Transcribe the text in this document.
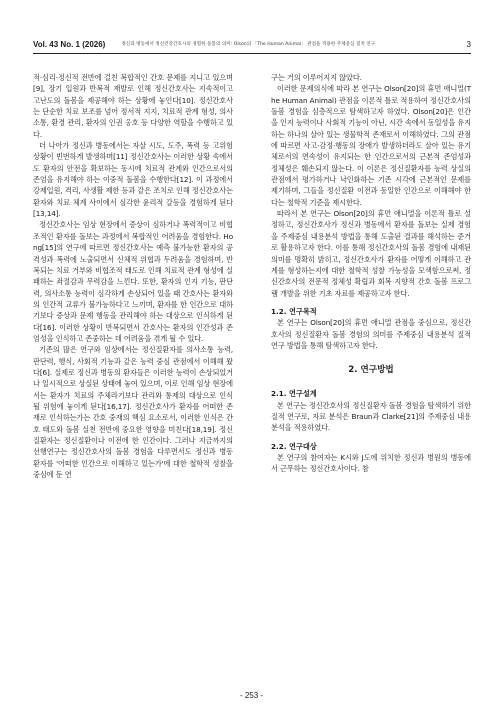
Vol. 43 No. 1 (2026)	정신과 병동에서 정신건강간호사의 경험한 돌봄의 의미: Olson의 「The Human Animal」 관점을 적용한 주제중심 질적 연구	3

적·심리·정신적 전반에 걸친 복합적인 간호 문제를 지니고 있으며[9], 장기 입원과 반복적 재발로 인해 정신간호사는 지속적이고 고난도의 돌봄을 제공해야 하는 상황에 놓인다[10]. 정신간호사는 단순한 치료 보조를 넘어 정서적 지지, 치료적 관계 형성, 의사소통, 환경 관리, 환자의 인권 옹호 등 다양한 역할을 수행하고 있다.

더 나아가 정신과 병동에서는 자살 시도, 도주, 폭력 등 고위험 상황이 빈번하게 발생하며[11] 정신간호사는 이러한 상황 속에서도 환자의 안전을 확보하는 동시에 치료적 관계와 인간으로서의 존엄을 유지해야 하는 이중적 돌봄을 수행한다[12]. 이 과정에서 강제입원, 격리, 사생활 제한 등과 같은 조치로 인해 정신간호사는 환자와 치료 체계 사이에서 심각한 윤리적 갈등을 경험하게 된다[13,14].

정신간호사는 임상 현장에서 증상이 심하거나 폭력적이고 비협조적인 환자를 돌보는 과정에서 복합적인 어려움을 경험한다. Hong[15]의 연구에 따르면 정신간호사는 예측 불가능한 환자의 공격성과 폭력에 노출되면서 신체적 위협과 두려움을 경험하며, 반복되는 치료 거부와 비협조적 태도로 인해 치료적 관계 형성에 실패하는 좌절감과 무력감을 느낀다. 또한, 환자의 인지 기능, 판단력, 의사소통 능력이 심각하게 손상되어 있을 때 간호사는 환자와의 인간적 교류가 불가능하다고 느끼며, 환자를 한 인간으로 대하기보다 증상과 문제 행동을 관리해야 하는 대상으로 인식하게 된다[16]. 이러한 상황이 반복되면서 간호사는 환자의 인간성과 존엄성을 인식하고 존중하는 데 어려움을 겪게 될 수 있다.

기존의 많은 연구와 임상에서는 정신질환자를 의사소통 능력, 판단력, 행식, 사회적 기능과 같은 능력 중심 관점에서 이해해 왔다[6]. 실제로 정신과 병동의 환자들은 이러한 능력이 손상되었거나 일시적으로 상실된 상태에 놓여 있으며, 이로 인해 임상 현장에서는 환자가 치료의 주체라기보다 관리와 통제의 대상으로 인식될 위험에 놓이게 된다[16,17]. 정신간호사가 환자를 어떠한 존재로 인식하는가는 간호 중재의 핵심 요소로서, 이러한 인식은 간호 태도와 돌봄 실천 전반에 중요한 영향을 미친다[18,19]. 정신질환자는 정신질환이나 이전에 한 인간이다. 그러나 지금까지의 선행연구는 정신간호사의 돌봄 경험을 다루면서도 정신과 병동 환자를 '어떠한 인간으로 이해하고 있는가'에 대한 철학적 성찰을 중심에 둔 연

구는 거의 이루어지지 않았다.

이러한 문제의식에 따라 본 연구는 Olson[20]의 휴먼 애니멀(The Human Animal) 관점을 이론적 틀로 적용하여 정신간호사의 돌봄 경험을 심층적으로 탐색하고자 하였다. Olson[20]은 인간을 인지 능력이나 사회적 기능이 아닌, 시간 속에서 동일성을 유지하는 하나의 살아 있는 생물학적 존재로서 이해하였다. 그의 관점에 따르면 사고·감정·행동의 장애가 발생하더라도 살아 있는 유기체로서의 연속성이 유지되는 한 인간으로서의 근본적 존엄성과 정체성은 훼손되지 않는다. 이 이론은 정신질환자를 능력 상실의 관점에서 평가하거나 낙인화하는 기존 시각에 근본적인 문제를 제기하며, 그들을 정신질환 이전과 동일한 인간으로 이해해야 한다는 철학적 기준을 제시한다.

따라서 본 연구는 Olson[20]의 휴먼 애니멀을 이론적 틀로 설정하고, 정신간호사가 정신과 병동에서 환자를 돌보는 실제 경험을 주제중심 내용분석 방법을 통해 도출된 결과를 해석하는 준거로 활용하고자 한다. 이를 통해 정신간호사의 돌봄 경험에 내재된 의미를 명확히 밝히고, 정신간호사가 환자를 어떻게 이해하고 관계를 형성하는지에 대한 철학적 성찰 가능성을 모색함으로써, 정신간호사의 전문적 정체성 확립과 회복 지향적 간호 돌봄 프로그램 개발을 위한 기초 자료를 제공하고자 한다.

1.2. 연구목적

본 연구는 Olson[20]의 휴먼 애니멀 관점을 중심으로, 정신간호사의 정신질환자 돌봄 경험의 의미를 주제중심 내용분석 질적 연구 방법을 통해 탐색하고자 한다.

2. 연구방법
2.1. 연구설계

본 연구는 정신간호사의 정신질환자 돌봄 경험을 탐색하기 위한 질적 연구로, 자료 분석은 Braun과 Clarke[21]의 주제중심 내용분석을 적용하였다.

2.2. 연구대상

본 연구의 참여자는 K시와 J도에 위치한 정신과 병원의 병동에서 근무하는 정신간호사이다. 참

- 253 -
